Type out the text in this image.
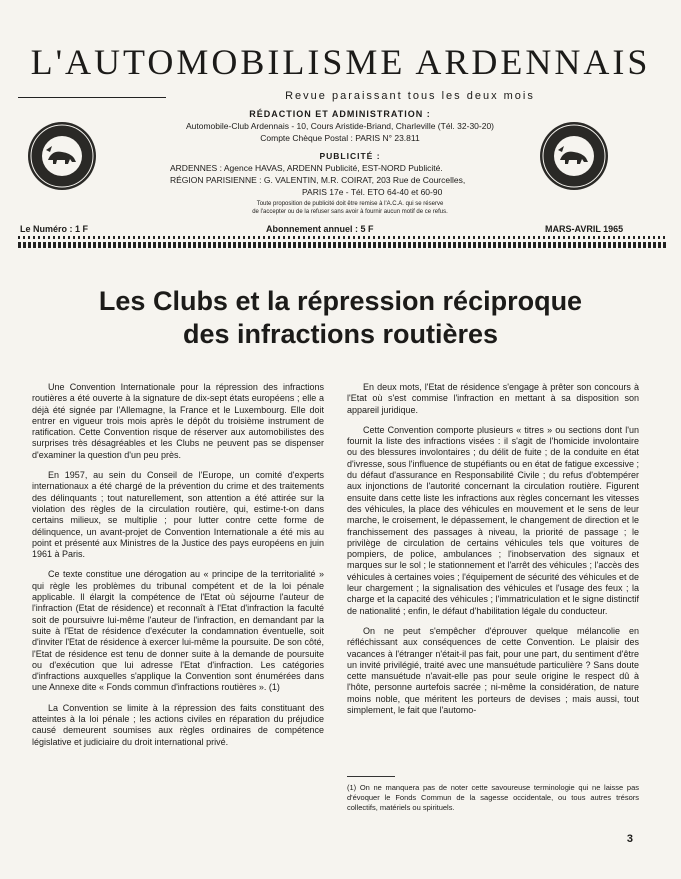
L'AUTOMOBILISME ARDENNAIS
Revue paraissant tous les deux mois
RÉDACTION ET ADMINISTRATION :
Automobile-Club Ardennais - 10, Cours Aristide-Briand, Charleville (Tél. 32-30-20)
Compte Chèque Postal : PARIS N° 23.811
PUBLICITÉ :
ARDENNES : Agence HAVAS, ARDENN Publicité, EST-NORD Publicité.
RÉGION PARISIENNE : G. VALENTIN, M.R. COIRAT, 203 Rue de Courcelles,
PARIS 17e - Tél. ETO 64-40 et 60-90
Toute proposition de publicité doit être remise à l'A.C.A. qui se réserve
de l'accepter ou de la refuser sans avoir à fournir aucun motif de ce refus.
Le Numéro : 1 F	Abonnement annuel : 5 F	MARS-AVRIL 1965
Les Clubs et la répression réciproque
des infractions routières

Une Convention Internationale pour la répression des infractions routières a été ouverte à la signature de dix-sept états européens ; elle a déjà été signée par l'Allemagne, la France et le Luxembourg. Elle doit entrer en vigueur trois mois après le dépôt du troisième instrument de ratification. Cette Convention risque de réserver aux automobilistes des surprises très désagréables et les Clubs ne peuvent pas se dispenser d'examiner la question d'un peu près.

En 1957, au sein du Conseil de l'Europe, un comité d'experts internationaux a été chargé de la prévention du crime et des traitements des délinquants ; tout naturellement, son attention a été attirée sur la violation des règles de la circulation routière, qui, estime-t-on dans certains milieux, se multiplie ; pour lutter contre cette forme de délinquence, un avant-projet de Convention Internationale a été mis au point et présenté aux Ministres de la Justice des pays européens en juin 1961 à Paris.

Ce texte constitue une dérogation au « principe de la territorialité » qui règle les problèmes du tribunal compétent et de la loi pénale applicable. Il élargit la compétence de l'Etat où séjourne l'auteur de l'infraction (Etat de résidence) et reconnaît à l'Etat d'infraction la faculté soit de poursuivre lui-même l'auteur de l'infraction, en demandant par la suite à l'Etat de résidence d'exécuter la condamnation éventuelle, soit d'inviter l'Etat de résidence à exercer lui-même la poursuite. De son côté, l'Etat de résidence est tenu de donner suite à la demande de poursuite ou d'exécution que lui adresse l'Etat d'infraction. Les catégories d'infractions auxquelles s'applique la Convention sont énumérées dans une Annexe dite « Fonds commun d'infractions routières ». (1)

La Convention se limite à la répression des faits constituant des atteintes à la loi pénale ; les actions civiles en réparation du préjudice causé demeurent soumises aux règles ordinaires de compétence législative et judiciaire du droit international privé.

En deux mots, l'Etat de résidence s'engage à prêter son concours à l'Etat où s'est commise l'infraction en mettant à sa disposition son appareil juridique.

Cette Convention comporte plusieurs « titres » ou sections dont l'un fournit la liste des infractions visées : il s'agit de l'homicide involontaire ou des blessures involontaires ; du délit de fuite ; de la conduite en état d'ivresse, sous l'influence de stupéfiants ou en état de fatigue excessive ; du défaut d'assurance en Responsabilité Civile ; du refus d'obtempérer aux injonctions de l'autorité concernant la circulation routière. Figurent ensuite dans cette liste les infractions aux règles concernant les vitesses des véhicules, la place des véhicules en mouvement et le sens de leur marche, le croisement, le dépassement, le changement de direction et le franchissement des passages à niveau, la priorité de passage ; le privilège de circulation de certains véhicules tels que voitures de pompiers, de police, ambulances ; l'inobservation des signaux et marques sur le sol ; le stationnement et l'arrêt des véhicules ; l'accès des véhicules à certaines voies ; l'équipement de sécurité des véhicules et de leur chargement ; la signalisation des véhicules et l'usage des feux ; la charge et la capacité des véhicules ; l'immatriculation et le signe distinctif de nationalité ; enfin, le défaut d'habilitation légale du conducteur.

On ne peut s'empêcher d'éprouver quelque mélancolie en réfléchissant aux conséquences de cette Convention. Le plaisir des vacances à l'étranger n'était-il pas fait, pour une part, du sentiment d'être un invité privilégié, traité avec une mansuétude particulière ? Sans doute cette mansuétude n'avait-elle pas pour seule origine le respect dû à l'hôte, personne aurtefois sacrée ; ni-même la considération, de nature moins noble, que méritent les porteurs de devises ; mais aussi, tout simplement, le fait que l'automo-

(1) On ne manquera pas de noter cette savoureuse terminologie qui ne laisse pas d'évoquer le Fonds Commun de la sagesse occidentale, ou tous autres trésors collectifs, matériels ou spirituels.
3
